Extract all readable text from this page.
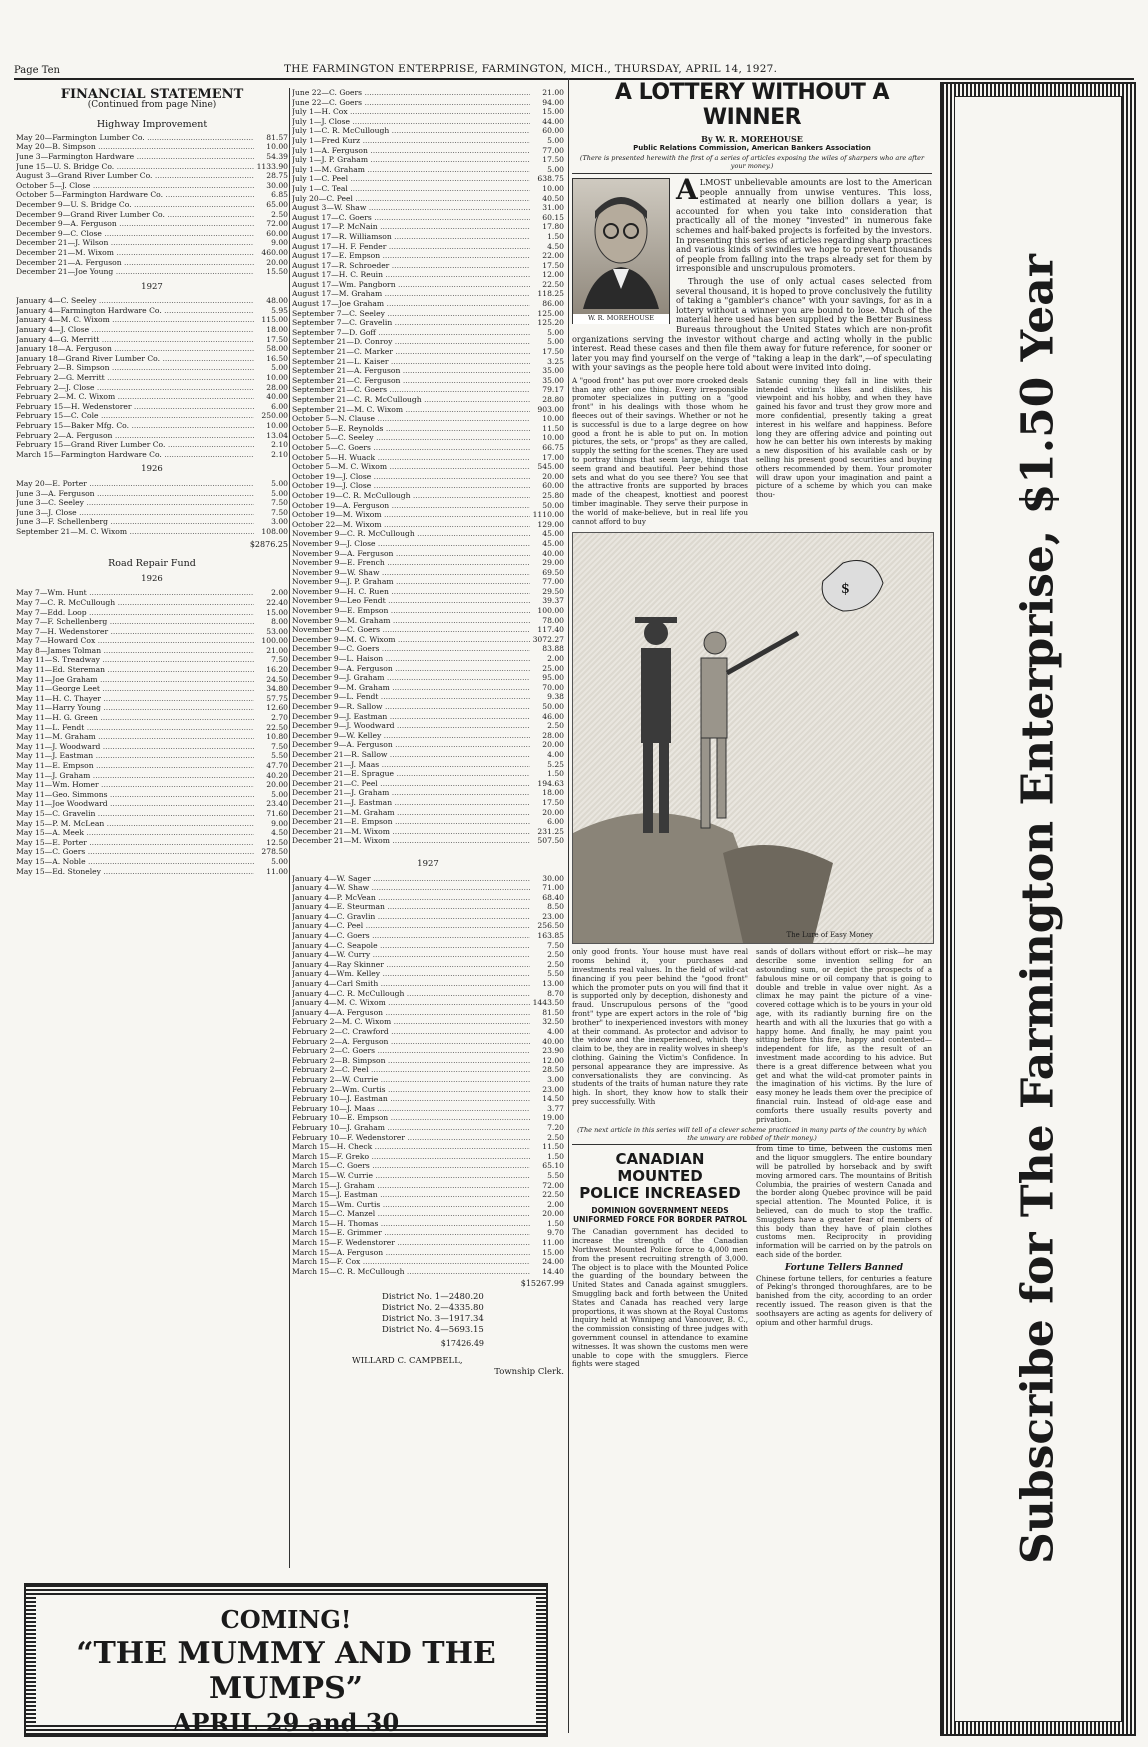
Page Ten	THE FARMINGTON ENTERPRISE, FARMINGTON, MICH., THURSDAY, APRIL 14, 1927.
FINANCIAL STATEMENT
(Continued from page Nine)
Highway Improvement
May 20—Farmington Lumber Co. .....	81.57
May 20—B. Simpson .....	10.00
June 3—Farmington Hardware .....	54.39
June 15—U. S. Bridge Co. .....	1133.90
August 3—Grand River Lumber Co. .....	28.75
October 5—J. Close .....	30.00
October 5—Farmington Hardware Co. .....	6.85
December 9—U. S. Bridge Co. .....	65.00
December 9—Grand River Lumber Co. .....	2.50
December 9—A. Ferguson .....	72.00
December 9—C. Close .....	60.00
December 21—J. Wilson .....	9.00
December 21—M. Wixom .....	460.00
December 21—A. Ferguson .....	20.00
December 21—Joe Young .....	15.50
1927
January 4—C. Seeley .....	48.00
January 4—Farmington Hardware Co. .....	5.95
January 4—M. C. Wixom .....	115.00
January 4—J. Close .....	18.00
January 4—G. Merritt .....	17.50
January 18—A. Ferguson .....	58.00
January 18—Grand River Lumber Co. .....	16.50
February 2—B. Simpson .....	5.00
February 2—G. Merritt .....	10.00
February 2—J. Close .....	28.00
February 2—M. C. Wixom .....	40.00
February 15—H. Wedenstorer .....	6.00
February 15—C. Cole .....	250.00
February 15—Baker Mfg. Co. .....	10.00
February 2—A. Ferguson .....	13.04
February 15—Grand River Lumber Co. .....	2.10
March 15—Farmington Hardware Co. .....	2.10
1926
May 20—E. Porter .....	5.00
June 3—A. Ferguson .....	5.00
June 3—C. Seeley .....	7.50
June 3—J. Close .....	7.50
June 3—F. Schellenberg .....	3.00
September 21—M. C. Wixom .....	108.00
$2876.25
Road Repair Fund
1926
May 7—Wm. Hunt .....	2.00
May 7—C. R. McCullough .....	22.40
May 7—Edd. Loop .....	15.00
May 7—F. Schellenberg .....	8.00
May 7—H. Wedenstorer .....	53.00
May 7—Howard Cox .....	100.00
May 8—James Tolman .....	21.00
May 11—S. Treadway .....	7.50
May 11—Ed. Stereman .....	16.20
May 11—Joe Graham .....	24.50
May 11—George Leet .....	34.80
May 11—H. C. Thayer .....	57.75
May 11—Harry Young .....	12.60
May 11—H. G. Green .....	2.70
May 11—L. Fendt .....	22.50
May 11—M. Graham .....	10.80
May 11—J. Woodward .....	7.50
May 11—J. Eastman .....	5.50
May 11—E. Empson .....	47.70
May 11—J. Graham .....	40.20
May 11—Wm. Homer .....	20.00
May 11—Geo. Simmons .....	5.00
May 11—Joe Woodward .....	23.40
May 15—C. Gravelin .....	71.60
May 15—P. M. McLean .....	9.00
May 15—A. Meek .....	4.50
May 15—E. Porter .....	12.50
May 15—C. Goers .....	278.50
May 15—A. Noble .....	5.00
May 15—Ed. Stoneley .....	11.00
June 22—C. Goers .....	21.00
June 22—C. Goers .....	94.00
July 1—H. Cox .....	15.00
July 1—J. Close .....	44.00
July 1—C. R. McCullough .....	60.00
July 1—Fred Kurz .....	5.00
July 1—A. Ferguson .....	77.00
July 1—J. P. Graham .....	17.50
July 1—M. Graham .....	5.00
July 1—C. Peel .....	638.75
July 1—C. Teal .....	10.00
July 20—C. Peel .....	40.50
August 3—W. Shaw .....	31.00
August 17—C. Goers .....	60.15
August 17—P. McNain .....	17.80
August 17—R. Williamson .....	1.50
August 17—H. F. Fender .....	4.50
August 17—E. Empson .....	22.00
August 17—R. Schroeder .....	17.50
August 17—H. C. Reuin .....	12.00
August 17—Wm. Pangborn .....	22.50
August 17—M. Graham .....	118.25
August 17—Joe Graham .....	86.00
September 7—C. Seeley .....	125.00
September 7—C. Gravelin .....	125.20
September 7—D. Goff .....	5.00
September 21—D. Conroy .....	5.00
September 21—C. Marker .....	17.50
September 21—L. Kaiser .....	3.25
September 21—A. Ferguson .....	35.00
September 21—C. Ferguson .....	35.00
September 21—C. Goers .....	79.17
September 21—C. R. McCullough .....	28.80
September 21—M. C. Wixom .....	903.00
October 5—N. Clause .....	10.00
October 5—E. Reynolds .....	11.50
October 5—C. Seeley .....	10.00
October 5—C. Goers .....	66.75
October 5—H. Wuack .....	17.00
October 5—M. C. Wixom .....	545.00
October 19—J. Close .....	20.00
October 19—J. Close .....	60.00
October 19—C. R. McCullough .....	25.80
October 19—A. Ferguson .....	50.00
October 19—M. Wixom .....	1110.00
October 22—M. Wixom .....	129.00
November 9—C. R. McCullough .....	45.00
November 9—J. Close .....	45.00
November 9—A. Ferguson .....	40.00
November 9—E. French .....	29.00
November 9—W. Shaw .....	69.50
November 9—J. P. Graham .....	77.00
November 9—H. C. Ruen .....	29.50
November 9—Leo Fendt .....	39.37
November 9—E. Empson .....	100.00
November 9—M. Graham .....	78.00
November 9—C. Goers .....	117.40
December 9—M. C. Wixom .....	3072.27
December 9—C. Goers .....	83.88
December 9—L. Haison .....	2.00
December 9—A. Ferguson .....	25.00
December 9—J. Graham .....	95.00
December 9—M. Graham .....	70.00
December 9—L. Fendt .....	9.38
December 9—R. Sallow .....	50.00
December 9—J. Eastman .....	46.00
December 9—J. Woodward .....	2.50
December 9—W. Kelley .....	28.00
December 9—A. Ferguson .....	20.00
December 21—R. Sallow .....	4.00
December 21—J. Maas .....	5.25
December 21—E. Sprague .....	1.50
December 21—C. Peel .....	194.63
December 21—J. Graham .....	18.00
December 21—J. Eastman .....	17.50
December 21—M. Graham .....	20.00
December 21—E. Empson .....	6.00
December 21—M. Wixom .....	231.25
December 21—M. Wixom .....	507.50
1927
January 4—W. Sager .....	30.00
January 4—W. Shaw .....	71.00
January 4—P. McVean .....	68.40
January 4—E. Steurman .....	8.50
January 4—C. Gravlin .....	23.00
January 4—C. Peel .....	256.50
January 4—C. Goers .....	163.85
January 4—C. Seapole .....	7.50
January 4—W. Curry .....	2.50
January 4—Ray Skinner .....	2.50
January 4—Wm. Kelley .....	5.50
January 4—Carl Smith .....	13.00
January 4—C. R. McCullough .....	8.70
January 4—M. C. Wixom .....	1443.50
January 4—A. Ferguson .....	81.50
February 2—M. C. Wixom .....	32.50
February 2—C. Crawford .....	4.00
February 2—A. Ferguson .....	40.00
February 2—C. Goers .....	23.90
February 2—B. Simpson .....	12.00
February 2—C. Peel .....	28.50
February 2—W. Currie .....	3.00
February 2—Wm. Curtis .....	23.00
February 10—J. Eastman .....	14.50
February 10—J. Maas .....	3.77
February 10—E. Empson .....	19.00
February 10—J. Graham .....	7.20
February 10—F. Wedenstorer .....	2.50
March 15—H. Check .....	11.50
March 15—F. Greko .....	1.50
March 15—C. Goers .....	65.10
March 15—W. Currie .....	5.50
March 15—J. Graham .....	72.00
March 15—J. Eastman .....	22.50
March 15—Wm. Curtis .....	2.00
March 15—C. Manzel .....	20.00
March 15—H. Thomas .....	1.50
March 15—E. Grimmer .....	9.70
March 15—F. Wedenstorer .....	11.00
March 15—A. Ferguson .....	15.00
March 15—F. Cox .....	24.00
March 15—C. R. McCullough .....	14.40
$15267.99
District No. 1—2480.20
District No. 2—4335.80
District No. 3—1917.34
District No. 4—5693.15
$17426.49
WILLARD C. CAMPBELL,
Township Clerk.
A LOTTERY WITHOUT A WINNER
By W. R. MOREHOUSE
Public Relations Commission, American Bankers Association
(There is presented herewith the first of a series of articles exposing the wiles of sharpers who are after your money.)
W. R. MOREHOUSE
A LMOST unbelievable amounts are lost to the American people annually from unwise ventures. This loss, estimated at nearly one billion dollars a year, is accounted for when you take into consideration that practically all of the money "invested" in numerous fake schemes and half-baked projects is forfeited by the investors. In presenting this series of articles regarding sharp practices and various kinds of swindles we hope to prevent thousands of people from falling into the traps already set for them by irresponsible and unscrupulous promoters.

Through the use of only actual cases selected from several thousand, it is hoped to prove conclusively the futility of taking a "gambler's chance" with your savings, for as in a lottery without a winner you are bound to lose. Much of the material here used has been supplied by the Better Business Bureaus throughout the United States which are non-profit organizations serving the investor without charge and acting wholly in the public interest. Read these cases and then file them away for future reference, for sooner or later you may find yourself on the verge of "taking a leap in the dark",—of speculating with your savings as the people here told about were invited into doing.

A "good front" has put over more crooked deals than any other one thing. Every irresponsible promoter specializes in putting on a "good front" in his dealings with those whom he fleeces out of their savings. Whether or not he is successful is due to a large degree on how good a front he is able to put on. In motion pictures, the sets, or "props" as they are called, supply the setting for the scenes. They are used to portray things that seem large, things that seem grand and beautiful. Peer behind those sets and what do you see there? You see that the attractive fronts are supported by braces made of the cheapest, knottiest and poorest timber imaginable. They serve their purpose in the world of make-believe, but in real life you cannot afford to buy
Satanic cunning they fall in line with their intended victim's likes and dislikes, his viewpoint and his hobby, and when they have gained his favor and trust they grow more and more confidential, presently taking a great interest in his welfare and happiness. Before long they are offering advice and pointing out how he can better his own interests by making a new disposition of his available cash or by selling his present good securities and buying others recommended by them. Your promoter will draw upon your imagination and paint a picture of a scheme by which you can make thou-
$
The Lure of Easy Money
only good fronts. Your house must have real rooms behind it, your purchases and investments real values. In the field of wild-cat financing if you peer behind the "good front" which the promoter puts on you will find that it is supported only by deception, dishonesty and fraud. Unscrupulous persons of the "good front" type are expert actors in the role of "big brother" to inexperienced investors with money at their command. As protector and advisor to the widow and the inexperienced, which they claim to be, they are in reality wolves in sheep's clothing. Gaining the Victim's Confidence. In personal appearance they are impressive. As conversationalists they are convincing. As students of the traits of human nature they rate high. In short, they know how to stalk their prey successfully. With
sands of dollars without effort or risk—he may describe some invention selling for an astounding sum, or depict the prospects of a fabulous mine or oil company that is going to double and treble in value over night. As a climax he may paint the picture of a vine-covered cottage which is to be yours in your old age, with its radiantly burning fire on the hearth and with all the luxuries that go with a happy home. And finally, he may paint you sitting before this fire, happy and contented—independent for life, as the result of an investment made according to his advice. But there is a great difference between what you get and what the wild-cat promoter paints in the imagination of his victims. By the lure of easy money he leads them over the precipice of financial ruin. Instead of old-age ease and comforts there usually results poverty and privation.
(The next article in this series will tell of a clever scheme practiced in many parts of the country by which the unwary are robbed of their money.)
CANADIAN MOUNTED
POLICE INCREASED
DOMINION GOVERNMENT NEEDS UNIFORMED FORCE FOR BORDER PATROL
The Canadian government has decided to increase the strength of the Canadian Northwest Mounted Police force to 4,000 men from the present recruiting strength of 3,000. The object is to place with the Mounted Police the guarding of the boundary between the United States and Canada against smugglers. Smuggling back and forth between the United States and Canada has reached very large proportions, it was shown at the Royal Customs Inquiry held at Winnipeg and Vancouver, B. C., the commission consisting of three judges with government counsel in attendance to examine witnesses. It was shown the customs men were unable to cope with the smugglers. Fierce fights were staged
from time to time, between the customs men and the liquor smugglers. The entire boundary will be patrolled by horseback and by swift moving armored cars. The mountains of British Columbia, the prairies of western Canada and the border along Quebec province will be paid special attention. The Mounted Police, it is believed, can do much to stop the traffic. Smugglers have a greater fear of members of this body than they have of plain clothes customs men. Reciprocity in providing information will be carried on by the patrols on each side of the border.
Fortune Tellers Banned
Chinese fortune tellers, for centuries a feature of Peking's thronged thoroughfares, are to be banished from the city, according to an order recently issued. The reason given is that the soothsayers are acting as agents for delivery of opium and other harmful drugs.	Subscribe for The Farmington Enterprise, $1.50 Year
COMING!
“THE MUMMY AND THE MUMPS”
APRIL 29 and 30
